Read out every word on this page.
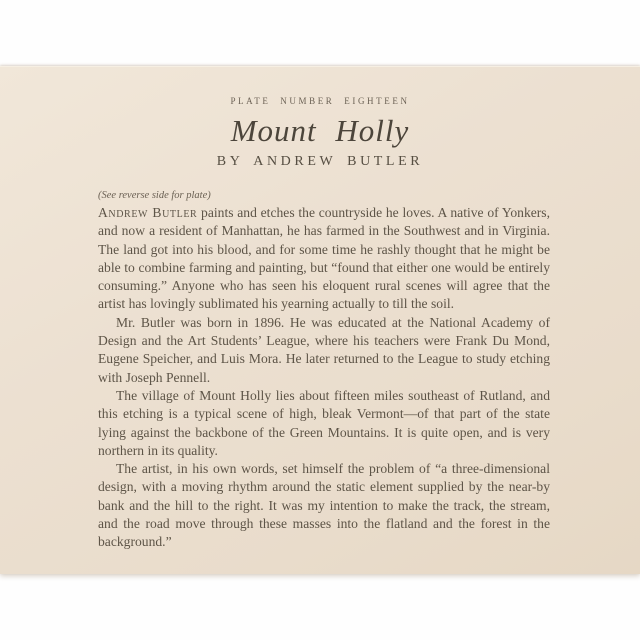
PLATE NUMBER EIGHTEEN

Mount Holly

BY ANDREW BUTLER

(See reverse side for plate)

Andrew Butler paints and etches the countryside he loves. A native of Yonkers, and now a resident of Manhattan, he has farmed in the Southwest and in Virginia. The land got into his blood, and for some time he rashly thought that he might be able to combine farming and painting, but “found that either one would be entirely consuming.” Anyone who has seen his eloquent rural scenes will agree that the artist has lovingly sublimated his yearning actually to till the soil.

Mr. Butler was born in 1896. He was educated at the National Academy of Design and the Art Students’ League, where his teachers were Frank Du Mond, Eugene Speicher, and Luis Mora. He later returned to the League to study etching with Joseph Pennell.

The village of Mount Holly lies about fifteen miles southeast of Rutland, and this etching is a typical scene of high, bleak Vermont—of that part of the state lying against the backbone of the Green Mountains. It is quite open, and is very northern in its quality.

The artist, in his own words, set himself the problem of “a three-dimensional design, with a moving rhythm around the static element supplied by the near-by bank and the hill to the right. It was my intention to make the track, the stream, and the road move through these masses into the flatland and the forest in the background.”
